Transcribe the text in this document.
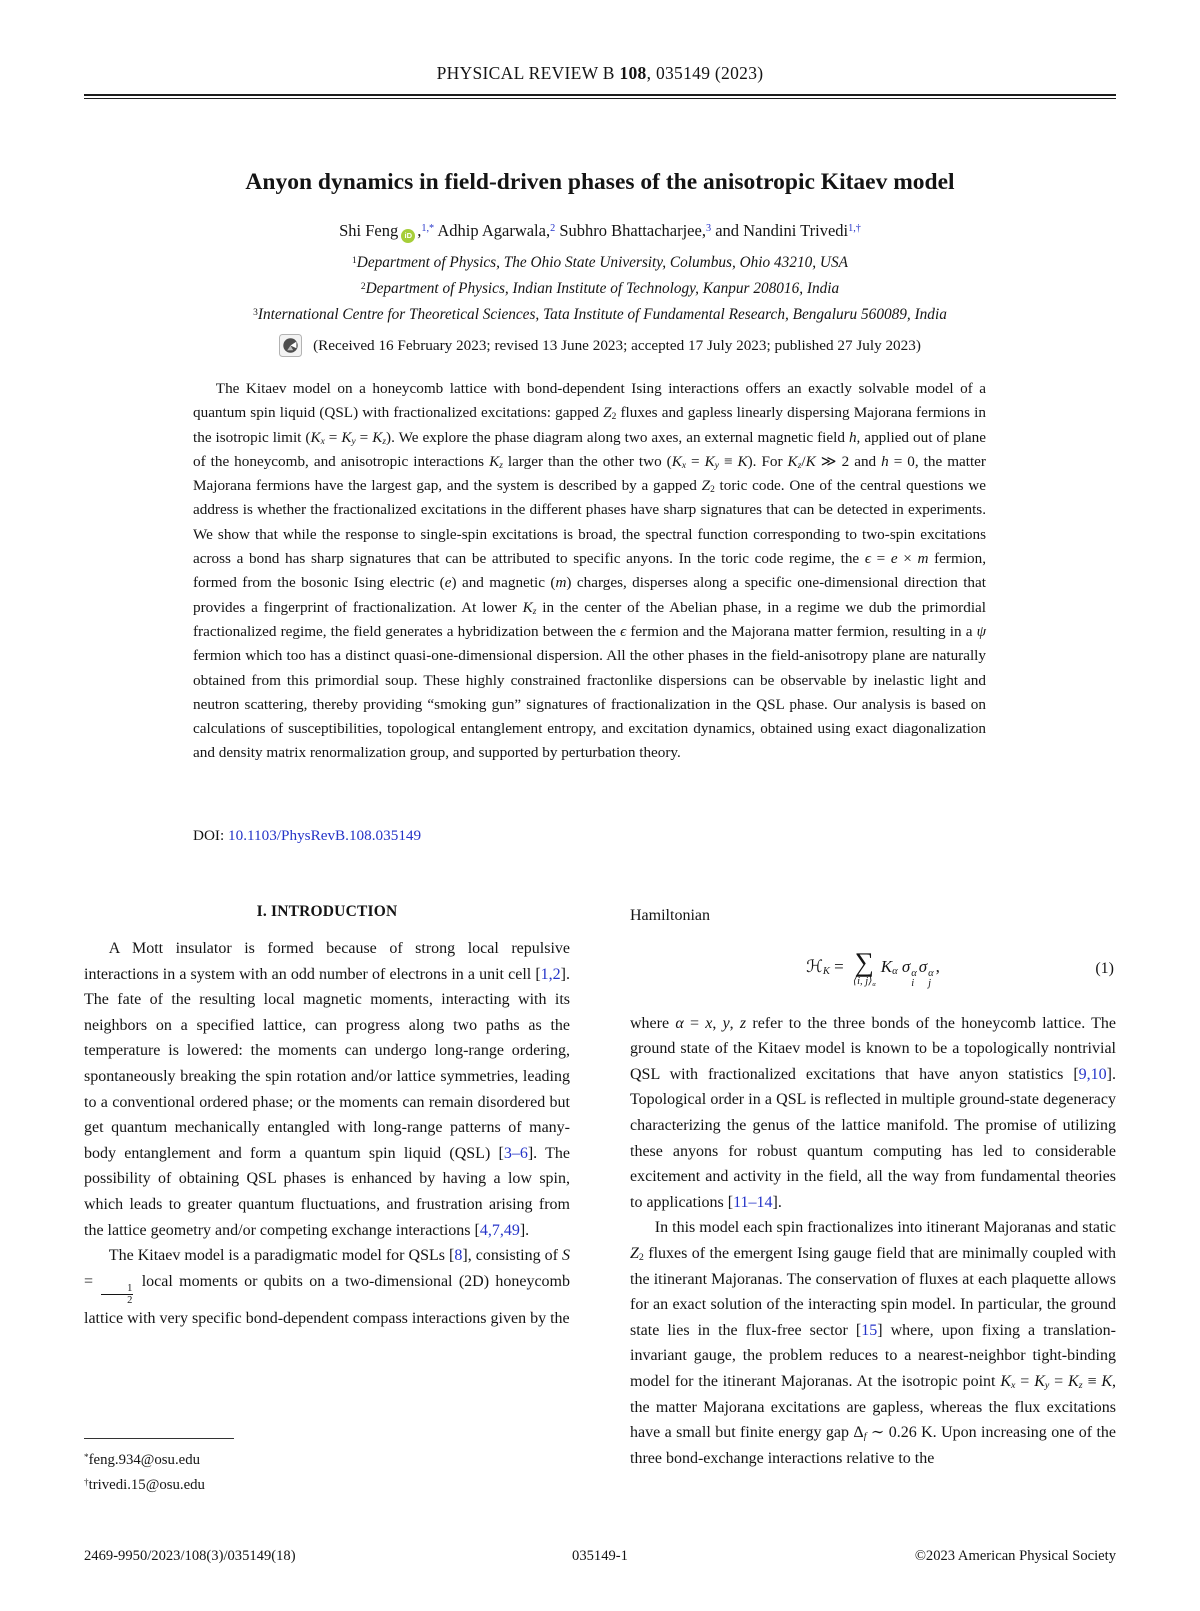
PHYSICAL REVIEW B 108, 035149 (2023)
Anyon dynamics in field-driven phases of the anisotropic Kitaev model
Shi Feng iD ,$^{1,*}$ Adhip Agarwala,$^2$ Subhro Bhattacharjee,$^3$ and Nandini Trivedi$^{1,\dagger}$
$^1$Department of Physics, The Ohio State University, Columbus, Ohio 43210, USA
$^2$Department of Physics, Indian Institute of Technology, Kanpur 208016, India
$^3$International Centre for Theoretical Sciences, Tata Institute of Fundamental Research, Bengaluru 560089, India
(Received 16 February 2023; revised 13 June 2023; accepted 17 July 2023; published 27 July 2023)

The Kitaev model on a honeycomb lattice with bond-dependent Ising interactions offers an exactly solvable model of a quantum spin liquid (QSL) with fractionalized excitations: gapped $Z_2$ fluxes and gapless linearly dispersing Majorana fermions in the isotropic limit $(K_x = K_y = K_z)$. We explore the phase diagram along two axes, an external magnetic field h, applied out of plane of the honeycomb, and anisotropic interactions $K_z$ larger than the other two $(K_x = K_y \equiv K)$. For $K_z/K$ ≫ 2 and h = 0, the matter Majorana fermions have the largest gap, and the system is described by a gapped $Z_2$ toric code. One of the central questions we address is whether the fractionalized excitations in the different phases have sharp signatures that can be detected in experiments. We show that while the response to single-spin excitations is broad, the spectral function corresponding to two-spin excitations across a bond has sharp signatures that can be attributed to specific anyons. In the toric code regime, the ϵ = e × m fermion, formed from the bosonic Ising electric (e) and magnetic (m) charges, disperses along a specific one-dimensional direction that provides a fingerprint of fractionalization. At lower $K_z$ in the center of the Abelian phase, in a regime we dub the primordial fractionalized regime, the field generates a hybridization between the ϵ fermion and the Majorana matter fermion, resulting in a ψ fermion which too has a distinct quasi-one-dimensional dispersion. All the other phases in the field-anisotropy plane are naturally obtained from this primordial soup. These highly constrained fractonlike dispersions can be observable by inelastic light and neutron scattering, thereby providing “smoking gun” signatures of fractionalization in the QSL phase. Our analysis is based on calculations of susceptibilities, topological entanglement entropy, and excitation dynamics, obtained using exact diagonalization and density matrix renormalization group, and supported by perturbation theory.

DOI: 10.1103/PhysRevB.108.035149
I. INTRODUCTION

A Mott insulator is formed because of strong local repulsive interactions in a system with an odd number of electrons in a unit cell [1,2]. The fate of the resulting local magnetic moments, interacting with its neighbors on a specified lattice, can progress along two paths as the temperature is lowered: the moments can undergo long-range ordering, spontaneously breaking the spin rotation and/or lattice symmetries, leading to a conventional ordered phase; or the moments can remain disordered but get quantum mechanically entangled with long-range patterns of many-body entanglement and form a quantum spin liquid (QSL) [3–6]. The possibility of obtaining QSL phases is enhanced by having a low spin, which leads to greater quantum fluctuations, and frustration arising from the lattice geometry and/or competing exchange interactions [4,7,49].

The Kitaev model is a paradigmatic model for QSLs [8], consisting of S =
$\frac{1}{2}$
local moments or qubits on a two-dimensional (2D) honeycomb lattice with very specific bond-dependent compass interactions given by the

Hamiltonian

ℋ$_K$ = ∑
⟨i, $j⟩_\alpha$
$K_\alpha$ σ α
i
σ α
j
,	(1)

where α = x, y, z refer to the three bonds of the honeycomb lattice. The ground state of the Kitaev model is known to be a topologically nontrivial QSL with fractionalized excitations that have anyon statistics [9,10]. Topological order in a QSL is reflected in multiple ground-state degeneracy characterizing the genus of the lattice manifold. The promise of utilizing these anyons for robust quantum computing has led to considerable excitement and activity in the field, all the way from fundamental theories to applications [11–14].

In this model each spin fractionalizes into itinerant Majoranas and static $Z_2$ fluxes of the emergent Ising gauge field that are minimally coupled with the itinerant Majoranas. The conservation of fluxes at each plaquette allows for an exact solution of the interacting spin model. In particular, the ground state lies in the flux-free sector [15] where, upon fixing a translation-invariant gauge, the problem reduces to a nearest-neighbor tight-binding model for the itinerant Majoranas. At the isotropic point $K_x = K_y = K_z \equiv K$, the matter Majorana excitations are gapless, whereas the flux excitations have a small but finite energy gap $\Delta_f$ ∼ 0.26 K. Upon increasing one of the three bond-exchange interactions relative to the

*feng.934@osu.edu
†trivedi.15@osu.edu
2469-9950/2023/108(3)/035149(18)	035149-1	©2023 American Physical Society
